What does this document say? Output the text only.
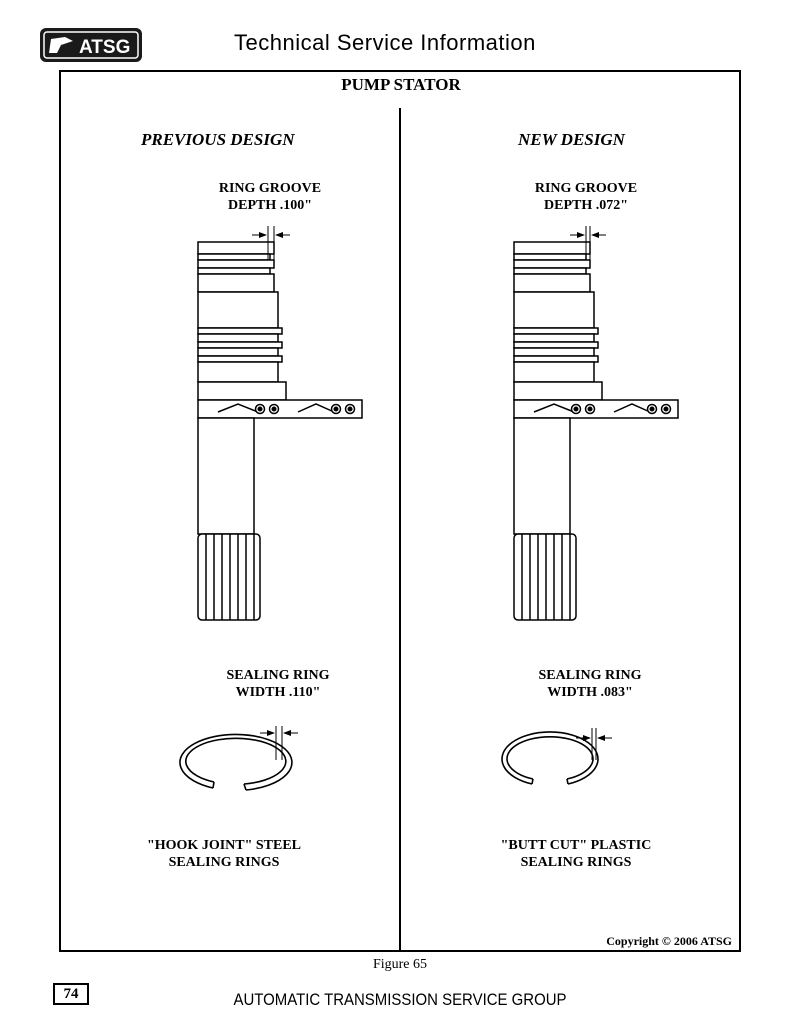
ATSG	Technical Service Information
PUMP STATOR
PREVIOUS DESIGN	NEW DESIGN
RING GROOVE
DEPTH .100"
RING GROOVE
DEPTH .072"
SEALING RING
WIDTH .110"
SEALING RING
WIDTH .083"
"HOOK JOINT" STEEL
SEALING RINGS
"BUTT CUT" PLASTIC
SEALING RINGS
Copyright © 2006 ATSG
Figure 65
74	AUTOMATIC TRANSMISSION SERVICE GROUP
